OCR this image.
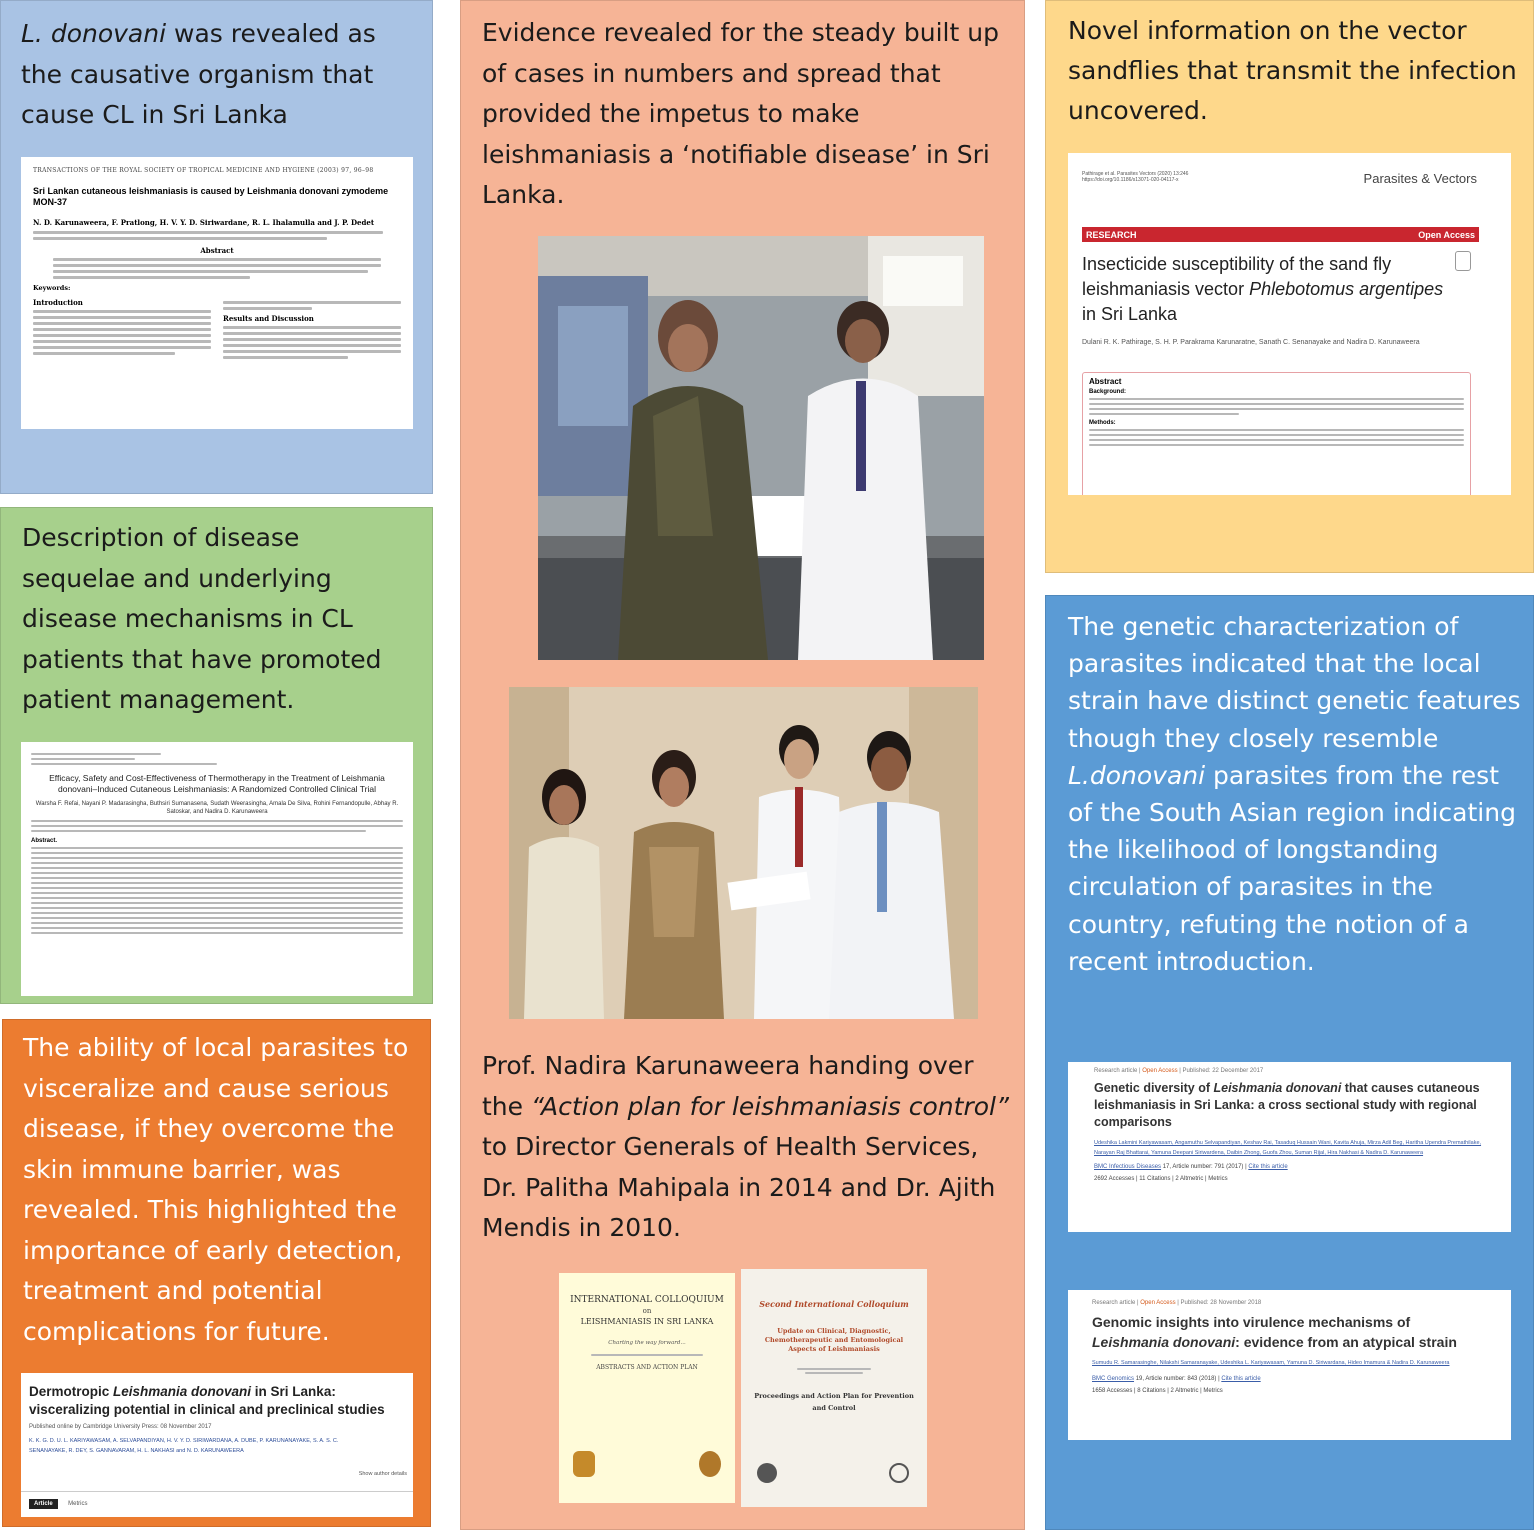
L. donovani was revealed as the causative organism that cause CL in Sri Lanka
TRANSACTIONS OF THE ROYAL SOCIETY OF TROPICAL MEDICINE AND HYGIENE (2003) 97, 96–98
Sri Lankan cutaneous leishmaniasis is caused by Leishmania donovani zymodeme MON-37
N. D. Karunaweera, F. Pratlong, H. V. Y. D. Siriwardane, R. L. Ihalamulla and J. P. Dedet
Abstract
Keywords:
Introduction
Results and Discussion
Description of disease sequelae and underlying disease mechanisms in CL patients that have promoted patient management.
Efficacy, Safety and Cost-Effectiveness of Thermotherapy in the Treatment of Leishmania donovani–Induced Cutaneous Leishmaniasis: A Randomized Controlled Clinical Trial
Warsha F. Refai, Nayani P. Madarasingha, Buthsiri Sumanasena, Sudath Weerasingha, Amala De Silva, Rohini Fernandopulle, Abhay R. Satoskar, and Nadira D. Karunaweera
Abstract.
The ability of local parasites to visceralize and cause serious disease, if they overcome the skin immune barrier, was revealed. This highlighted the importance of early detection, treatment and potential complications for future.
Dermotropic Leishmania donovani in Sri Lanka: visceralizing potential in clinical and preclinical studies
Published online by Cambridge University Press: 08 November 2017
K. K. G. D. U. L. KARIYAWASAM, A. SELVAPANDIYAN, H. V. Y. D. SIRIWARDANA, A. DUBE, P. KARUNANAYAKE, S. A. S. C. SENANAYAKE, R. DEY, S. GANNAVARAM, H. L. NAKHASI and N. D. KARUNAWEERA
Show author details
Article	Metrics
Evidence revealed for the steady built up of cases in numbers and spread that provided the impetus to make leishmaniasis a ‘notifiable disease’ in Sri Lanka.
Prof. Nadira Karunaweera handing over the “Action plan for leishmaniasis control” to Director Generals of Health Services, Dr. Palitha Mahipala in 2014 and Dr. Ajith Mendis in 2010.
INTERNATIONAL COLLOQUIUM
on
LEISHMANIASIS IN SRI LANKA
Charting the way forward...
ABSTRACTS AND ACTION PLAN
Second International Colloquium
Update on Clinical, Diagnostic, Chemotherapeutic and Entomological Aspects of Leishmaniasis
Proceedings and Action Plan for Prevention and Control
Novel information on the vector sandflies that transmit the infection uncovered.
Pathirage et al. Parasites Vectors (2020) 13:246
https://doi.org/10.1186/s13071-020-04117-x	Parasites & Vectors
RESEARCH	Open Access
Insecticide susceptibility of the sand fly leishmaniasis vector Phlebotomus argentipes in Sri Lanka
Dulani R. K. Pathirage, S. H. P. Parakrama Karunaratne, Sanath C. Senanayake and Nadira D. Karunaweera
Abstract
Background:
Methods:
The genetic characterization of parasites indicated that the local strain have distinct genetic features though they closely resemble L.donovani parasites from the rest of the South Asian region indicating the likelihood of longstanding circulation of parasites in the country, refuting the notion of a recent introduction.
Research article | Open Access | Published: 22 December 2017
Genetic diversity of Leishmania donovani that causes cutaneous leishmaniasis in Sri Lanka: a cross sectional study with regional comparisons
Udeshika Lakmini Kariyawasam, Angamuthu Selvapandiyan, Keshav Rai, Tasaduq Hussain Wani, Kavita Ahuja, Mirza Adil Beg, Haritha Upendra Premathilake, Narayan Raj Bhattarai, Yamuna Deepani Siriwardena, Daibin Zhong, Guofa Zhou, Suman Rijal, Hira Nakhasi & Nadira D. Karunaweera
BMC Infectious Diseases 17, Article number: 791 (2017) | Cite this article
2692 Accesses | 11 Citations | 2 Altmetric | Metrics
Research article | Open Access | Published: 28 November 2018
Genomic insights into virulence mechanisms of Leishmania donovani: evidence from an atypical strain
Sumudu R. Samarasinghe, Nilakshi Samaranayake, Udeshika L. Kariyawasam, Yamuna D. Siriwardana, Hideo Imamura & Nadira D. Karunaweera
BMC Genomics 19, Article number: 843 (2018) | Cite this article
1658 Accesses | 8 Citations | 2 Altmetric | Metrics
